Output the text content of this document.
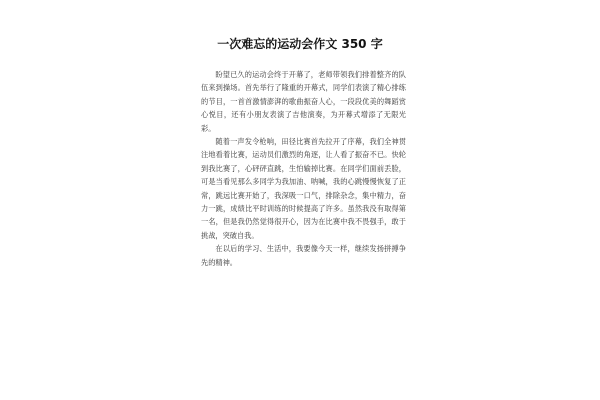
一次难忘的运动会作文 350 字

盼望已久的运动会终于开幕了，老师带领我们排着整齐的队伍来到操场。首先举行了隆重的开幕式，同学们表演了精心排练的节目，一首首激情澎湃的歌曲振奋人心，一段段优美的舞蹈赏心悦目，还有小朋友表演了吉他演奏，为开幕式增添了无限光彩。

随着一声发令枪响，田径比赛首先拉开了序幕，我们全神贯注地看着比赛，运动员们激烈的角逐，让人看了振奋不已。快轮到我比赛了，心砰砰直跳，生怕输掉比赛。在同学们面前丢脸，可是当看见那么多同学为我加油、呐喊，我的心跳慢慢恢复了正常，跳远比赛开始了，我深吸一口气，排除杂念，集中精力，奋力一跳，成绩比平时训练的时候提高了许多。虽然我没有取得第一名，但是我仍然觉得很开心，因为在比赛中我不畏强手，敢于挑战，突破自我。

在以后的学习、生活中，我要像今天一样，继续发扬拼搏争先的精神。
